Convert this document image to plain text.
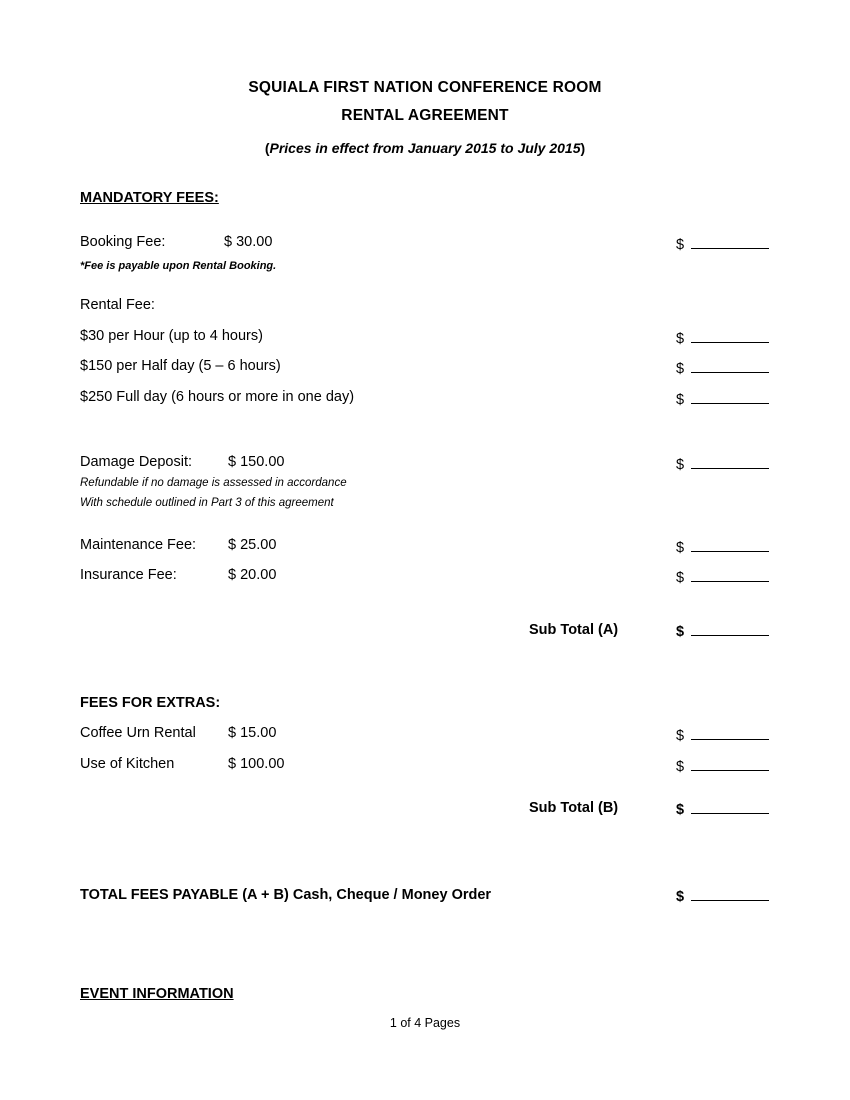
SQUIALA FIRST NATION CONFERENCE ROOM
RENTAL AGREEMENT
(Prices in effect from January 2015 to July 2015)
MANDATORY FEES:
Booking Fee:	$ 30.00	$
*Fee is payable upon Rental Booking.
Rental Fee:
$30 per Hour (up to 4 hours)	$
$150 per Half day (5 – 6 hours)	$
$250 Full day (6 hours or more in one day)	$
Damage Deposit: $ 150.00	$
Refundable if no damage is assessed in accordance
With schedule outlined in Part 3 of this agreement
Maintenance Fee: $ 25.00	$
Insurance Fee:	$ 20.00	$
Sub Total (A)	$
FEES FOR EXTRAS:
Coffee Urn Rental $ 15.00	$
Use of Kitchen	$ 100.00	$
Sub Total (B)	$
TOTAL FEES PAYABLE (A + B) Cash, Cheque / Money Order	$
EVENT INFORMATION
1 of 4 Pages
